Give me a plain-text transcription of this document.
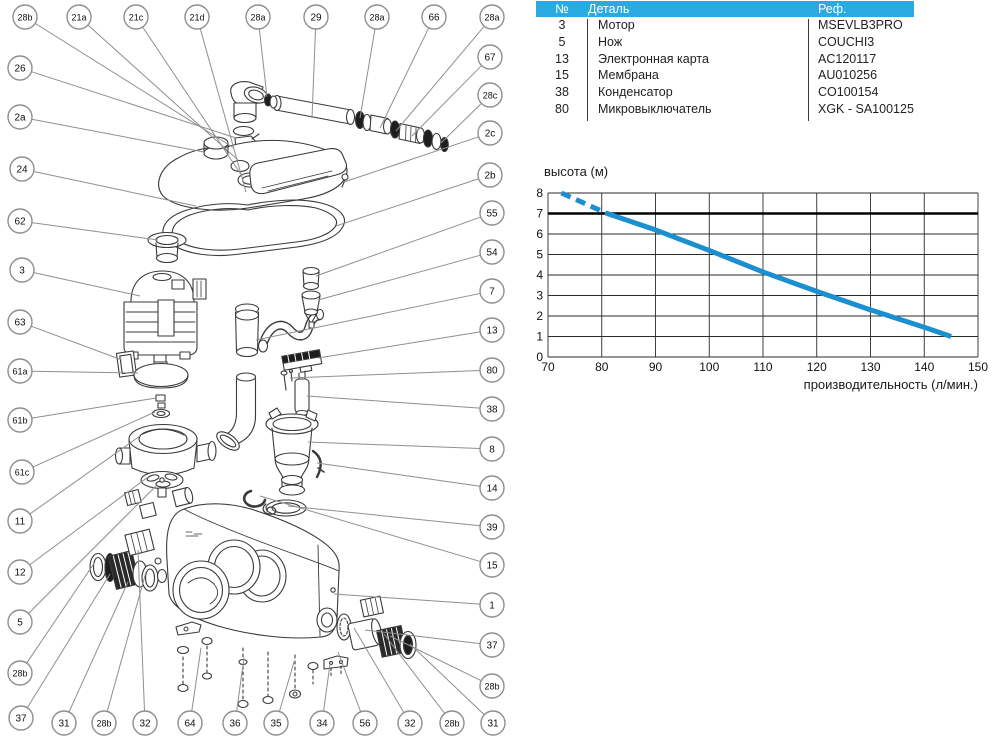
28b	21a	21c	21d	28a	29	28a	66	28a
67
28c
2c
2b
55
54
7
13
80
38
8
14
39
15
1
37
28b
31
26
2a
24
62
3
63
61a
61b
61c
11
12
5
28b
37	31	28b	32	64	36	35	34	56	32	28b
№	Деталь	Реф.
3	Мотор	MSEVLB3PRO
5	Нож	COUCHI3
13	Электронная карта	AC120117
15	Мембрана	AU010256
38	Конденсатор	CO100154
80	Микровыключатель	XGK - SA100125
высота (м)
0
1
2
3
4
5
6
7
8
70	80	90	100	110	120	130	140	150
производительность (л/мин.)
